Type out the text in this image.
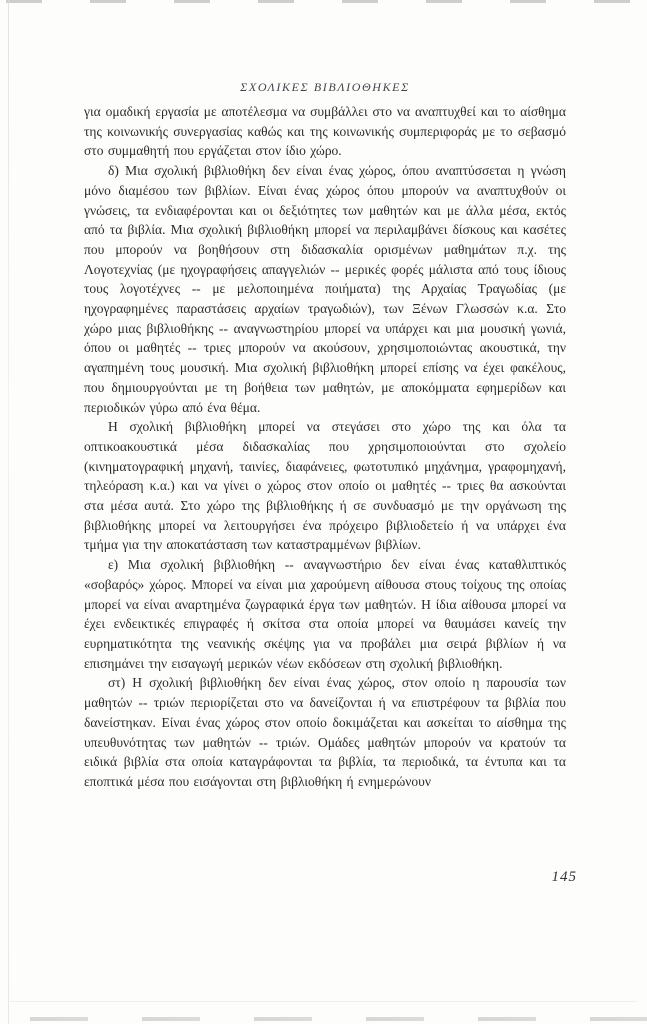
ΣΧΟΛΙΚΕΣ ΒΙΒΛΙΟΘΗΚΕΣ

για ομαδική εργασία με αποτέλεσμα να συμβάλλει στο να αναπτυχθεί και το αίσθημα της κοινωνικής συνεργασίας καθώς και της κοινωνικής συμπεριφοράς με το σεβασμό στο συμμαθητή που εργάζεται στον ίδιο χώρο.

δ) Μια σχολική βιβλιοθήκη δεν είναι ένας χώρος, όπου αναπτύσσεται η γνώση μόνο διαμέσου των βιβλίων. Είναι ένας χώρος όπου μπορούν να αναπτυχθούν οι γνώσεις, τα ενδιαφέρονται και οι δεξιότητες των μαθητών και με άλλα μέσα, εκτός από τα βιβλία. Μια σχολική βιβλιοθήκη μπορεί να περιλαμβάνει δίσκους και κασέτες που μπορούν να βοηθήσουν στη διδασκαλία ορισμένων μαθημάτων π.χ. της Λογοτεχνίας (με ηχογραφήσεις απαγγελιών -- μερικές φορές μάλιστα από τους ίδιους τους λογοτέχνες -- με μελοποιημένα ποιήματα) της Αρχαίας Τραγωδίας (με ηχογραφημένες παραστάσεις αρχαίων τραγωδιών), των Ξένων Γλωσσών κ.α. Στο χώρο μιας βιβλιοθήκης -- αναγνωστηρίου μπορεί να υπάρχει και μια μουσική γωνιά, όπου οι μαθητές -- τριες μπορούν να ακούσουν, χρησιμοποιώντας ακουστικά, την αγαπημένη τους μουσική. Μια σχολική βιβλιοθήκη μπορεί επίσης να έχει φακέλους, που δημιουργούνται με τη βοήθεια των μαθητών, με αποκόμματα εφημερίδων και περιοδικών γύρω από ένα θέμα.

Η σχολική βιβλιοθήκη μπορεί να στεγάσει στο χώρο της και όλα τα οπτικοακουστικά μέσα διδασκαλίας που χρησιμοποιούνται στο σχολείο (κινηματογραφική μηχανή, ταινίες, διαφάνειες, φωτοτυπικό μηχάνημα, γραφομηχανή, τηλεόραση κ.α.) και να γίνει ο χώρος στον οποίο οι μαθητές -- τριες θα ασκούνται στα μέσα αυτά. Στο χώρο της βιβλιοθήκης ή σε συνδυασμό με την οργάνωση της βιβλιοθήκης μπορεί να λειτουργήσει ένα πρόχειρο βιβλιοδετείο ή να υπάρχει ένα τμήμα για την αποκατάσταση των καταστραμμένων βιβλίων.

ε) Μια σχολική βιβλιοθήκη -- αναγνωστήριο δεν είναι ένας καταθλιπτικός «σοβαρός» χώρος. Μπορεί να είναι μια χαρούμενη αίθουσα στους τοίχους της οποίας μπορεί να είναι αναρτημένα ζωγραφικά έργα των μαθητών. Η ίδια αίθουσα μπορεί να έχει ενδεικτικές επιγραφές ή σκίτσα στα οποία μπορεί να θαυμάσει κανείς την ευρηματικότητα της νεανικής σκέψης για να προβάλει μια σειρά βιβλίων ή να επισημάνει την εισαγωγή μερικών νέων εκδόσεων στη σχολική βιβλιοθήκη.

στ) Η σχολική βιβλιοθήκη δεν είναι ένας χώρος, στον οποίο η παρουσία των μαθητών -- τριών περιορίζεται στο να δανείζονται ή να επιστρέφουν τα βιβλία που δανείστηκαν. Είναι ένας χώρος στον οποίο δοκιμάζεται και ασκείται το αίσθημα της υπευθυνότητας των μαθητών -- τριών. Ομάδες μαθητών μπορούν να κρατούν τα ειδικά βιβλία στα οποία καταγράφονται τα βιβλία, τα περιοδικά, τα έντυπα και τα εποπτικά μέσα που εισάγονται στη βιβλιοθήκη ή ενημερώνουν

145
